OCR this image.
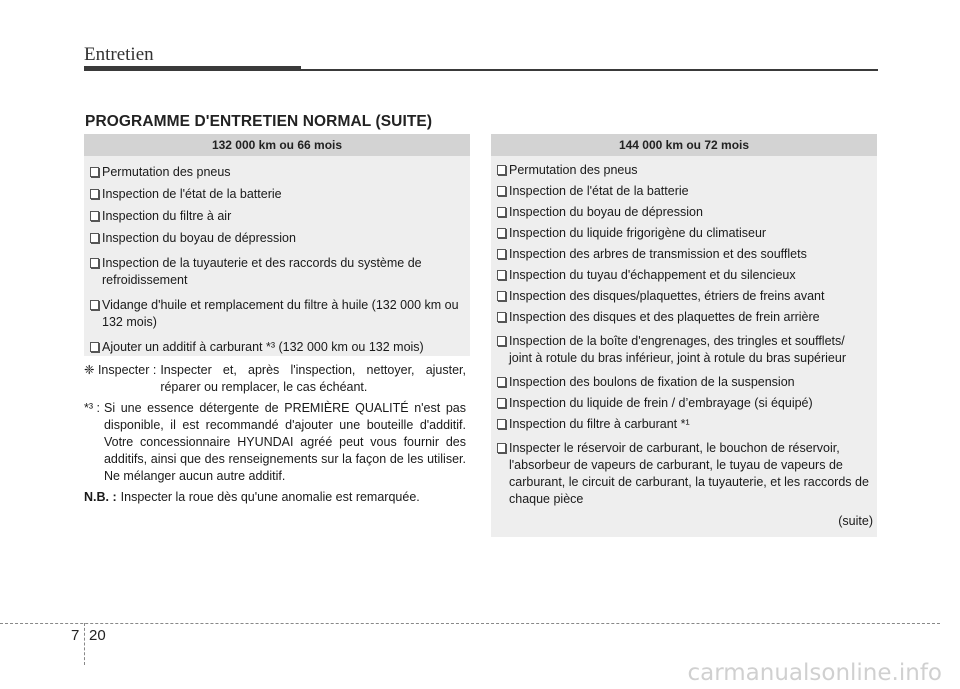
Entretien
PROGRAMME D'ENTRETIEN NORMAL (SUITE)
132 000 km ou 66 mois
Permutation des pneus
Inspection de l'état de la batterie
Inspection du filtre à air
Inspection du boyau de dépression
Inspection de la tuyauterie et des raccords du système de refroidissement
Vidange d'huile et remplacement du filtre à huile (132 000 km ou 132 mois)
Ajouter un additif à carburant *³ (132 000 km ou 132 mois)
❈ Inspecter : Inspecter et, après l'inspection, nettoyer, ajuster, réparer ou remplacer, le cas échéant.
*³ : Si une essence détergente de PREMIÈRE QUALITÉ n'est pas disponible, il est recommandé d'ajouter une bouteille d'additif. Votre concessionnaire HYUNDAI agréé peut vous fournir des additifs, ainsi que des renseignements sur la façon de les utiliser. Ne mélanger aucun autre additif.
N.B. : Inspecter la roue dès qu'une anomalie est remarquée.
144 000 km ou 72 mois
Permutation des pneus
Inspection de l'état de la batterie
Inspection du boyau de dépression
Inspection du liquide frigorigène du climatiseur
Inspection des arbres de transmission et des soufflets
Inspection du tuyau d'échappement et du silencieux
Inspection des disques/plaquettes, étriers de freins avant
Inspection des disques et des plaquettes de frein arrière
Inspection de la boîte d'engrenages, des tringles et soufflets/ joint à rotule du bras inférieur, joint à rotule du bras supérieur
Inspection des boulons de fixation de la suspension
Inspection du liquide de frein / d’embrayage (si équipé)
Inspection du filtre à carburant *¹
Inspecter le réservoir de carburant, le bouchon de réservoir, l'absorbeur de vapeurs de carburant, le tuyau de vapeurs de carburant, le circuit de carburant, la tuyauterie, et les raccords de chaque pièce
(suite)
7 20
carmanualsonline.info
